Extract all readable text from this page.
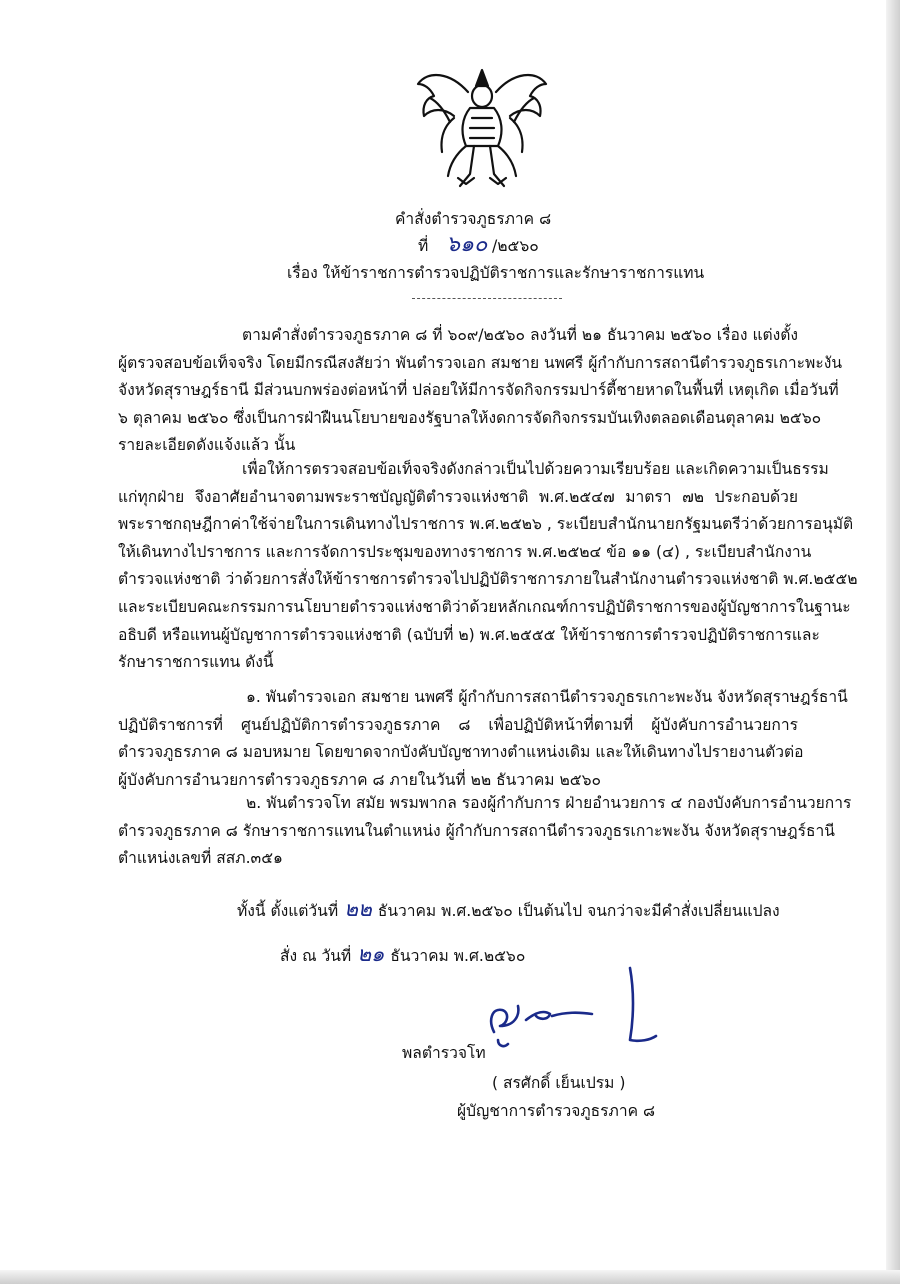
คำสั่งตำรวจภูธรภาค ๘
ที่ ๖๑๐ /๒๕๖๐
เรื่อง ให้ข้าราชการตำรวจปฏิบัติราชการและรักษาราชการแทน
ตามคำสั่งตำรวจภูธรภาค ๘ ที่ ๖๐๙/๒๕๖๐ ลงวันที่ ๒๑ ธันวาคม ๒๕๖๐ เรื่อง แต่งตั้ง
ผู้ตรวจสอบข้อเท็จจริง โดยมีกรณีสงสัยว่า พันตำรวจเอก สมชาย นพศรี ผู้กำกับการสถานีตำรวจภูธรเกาะพะงัน
จังหวัดสุราษฎร์ธานี มีส่วนบกพร่องต่อหน้าที่ ปล่อยให้มีการจัดกิจกรรมปาร์ตี้ชายหาดในพื้นที่ เหตุเกิด เมื่อวันที่
๖ ตุลาคม ๒๕๖๐ ซึ่งเป็นการฝ่าฝืนนโยบายของรัฐบาลให้งดการจัดกิจกรรมบันเทิงตลอดเดือนตุลาคม ๒๕๖๐
รายละเอียดดังแจ้งแล้ว นั้น
เพื่อให้การตรวจสอบข้อเท็จจริงดังกล่าวเป็นไปด้วยความเรียบร้อย และเกิดความเป็นธรรม
แก่ทุกฝ่าย จึงอาศัยอำนาจตามพระราชบัญญัติตำรวจแห่งชาติ พ.ศ.๒๕๔๗ มาตรา ๗๒ ประกอบด้วย
พระราชกฤษฎีกาค่าใช้จ่ายในการเดินทางไปราชการ พ.ศ.๒๕๒๖ , ระเบียบสำนักนายกรัฐมนตรีว่าด้วยการอนุมัติ
ให้เดินทางไปราชการ และการจัดการประชุมของทางราชการ พ.ศ.๒๕๒๔ ข้อ ๑๑ (๔) , ระเบียบสำนักงาน
ตำรวจแห่งชาติ ว่าด้วยการสั่งให้ข้าราชการตำรวจไปปฏิบัติราชการภายในสำนักงานตำรวจแห่งชาติ พ.ศ.๒๕๕๒
และระเบียบคณะกรรมการนโยบายตำรวจแห่งชาติว่าด้วยหลักเกณฑ์การปฏิบัติราชการของผู้บัญชาการในฐานะ
อธิบดี หรือแทนผู้บัญชาการตำรวจแห่งชาติ (ฉบับที่ ๒) พ.ศ.๒๕๕๕ ให้ข้าราชการตำรวจปฏิบัติราชการและ
รักษาราชการแทน ดังนี้
๑. พันตำรวจเอก สมชาย นพศรี ผู้กำกับการสถานีตำรวจภูธรเกาะพะงัน จังหวัดสุราษฎร์ธานี
ปฏิบัติราชการที่ ศูนย์ปฏิบัติการตำรวจภูธรภาค ๘ เพื่อปฏิบัติหน้าที่ตามที่ ผู้บังคับการอำนวยการ
ตำรวจภูธรภาค ๘ มอบหมาย โดยขาดจากบังคับบัญชาทางตำแหน่งเดิม และให้เดินทางไปรายงานตัวต่อ
ผู้บังคับการอำนวยการตำรวจภูธรภาค ๘ ภายในวันที่ ๒๒ ธันวาคม ๒๕๖๐
๒. พันตำรวจโท สมัย พรมพากล รองผู้กำกับการ ฝ่ายอำนวยการ ๔ กองบังคับการอำนวยการ
ตำรวจภูธรภาค ๘ รักษาราชการแทนในตำแหน่ง ผู้กำกับการสถานีตำรวจภูธรเกาะพะงัน จังหวัดสุราษฎร์ธานี
ตำแหน่งเลขที่ สสภ.๓๕๑
ทั้งนี้ ตั้งแต่วันที่ ๒๒ ธันวาคม พ.ศ.๒๕๖๐ เป็นต้นไป จนกว่าจะมีคำสั่งเปลี่ยนแปลง
สั่ง ณ วันที่ ๒๑ ธันวาคม พ.ศ.๒๕๖๐
พลตำรวจโท
( สรศักดิ์ เย็นเปรม )
ผู้บัญชาการตำรวจภูธรภาค ๘
